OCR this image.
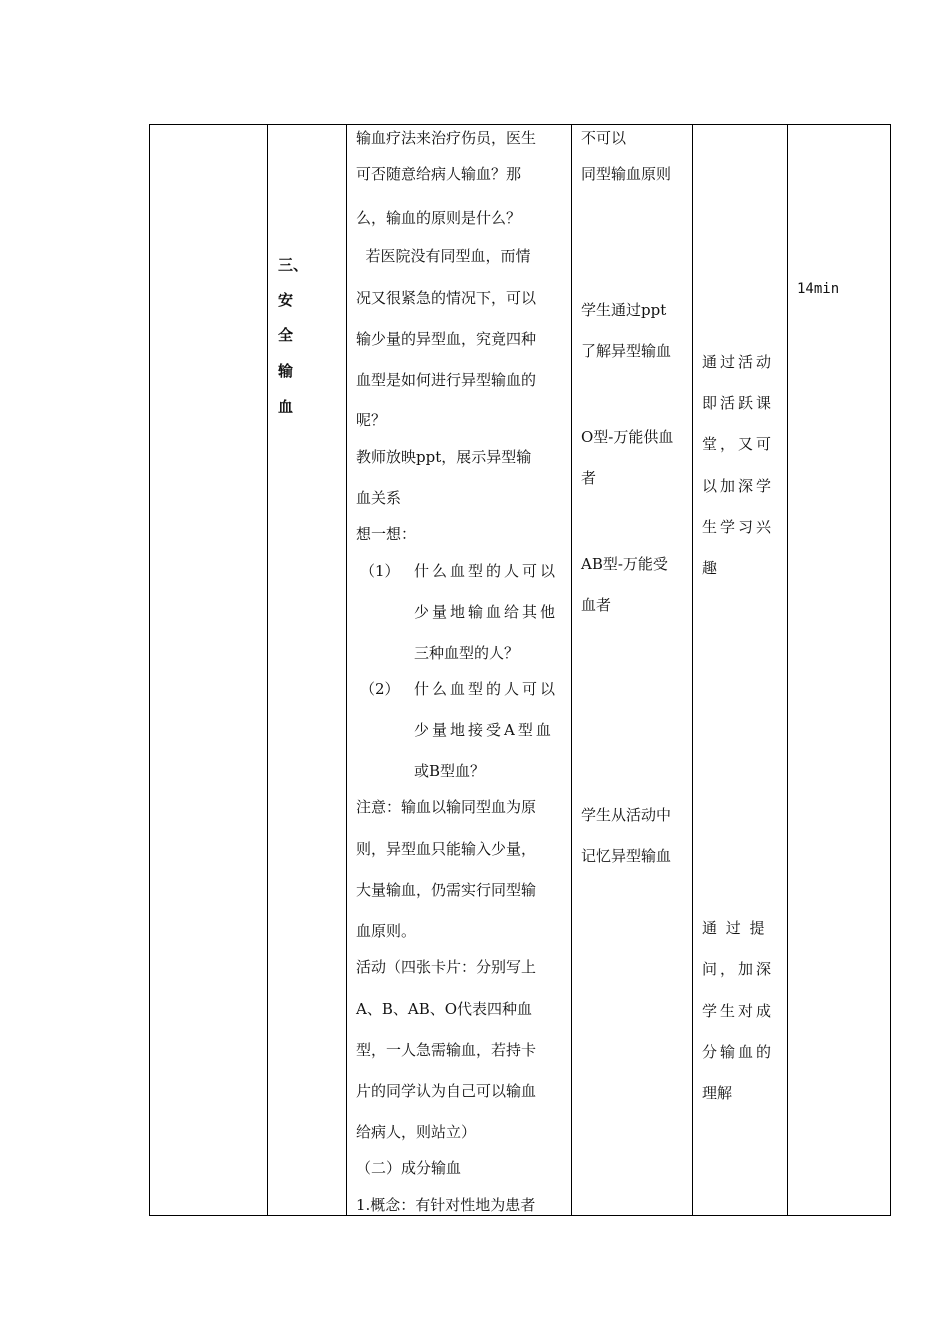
三、
安
全
输
血
输血疗法来治疗伤员，医生
可否随意给病人输血？那
么，输血的原则是什么？
若医院没有同型血，而情
况又很紧急的情况下，可以
输少量的异型血，究竟四种
血型是如何进行异型输血的
呢？
教师放映ppt，展示异型输
血关系
想一想：
（1） 什么血型的人可以
少量地输血给其他
三种血型的人？
（2） 什么血型的人可以
少量地接受A型血
或B型血？
注意：输血以输同型血为原
则，异型血只能输入少量，
大量输血，仍需实行同型输
血原则。
活动（四张卡片：分别写上
A、B、AB、O代表四种血
型，一人急需输血，若持卡
片的同学认为自己可以输血
给病人，则站立）
（二）成分输血
1.概念：有针对性地为患者
不可以
同型输血原则
学生通过ppt
了解异型输血
O型-万能供血
者
AB型-万能受
血者
学生从活动中
记忆异型输血
通过活动
即活跃课
堂，又可
以加深学
生学习兴
趣
通 过 提
问，加深
学生对成
分输血的
理解
14min
